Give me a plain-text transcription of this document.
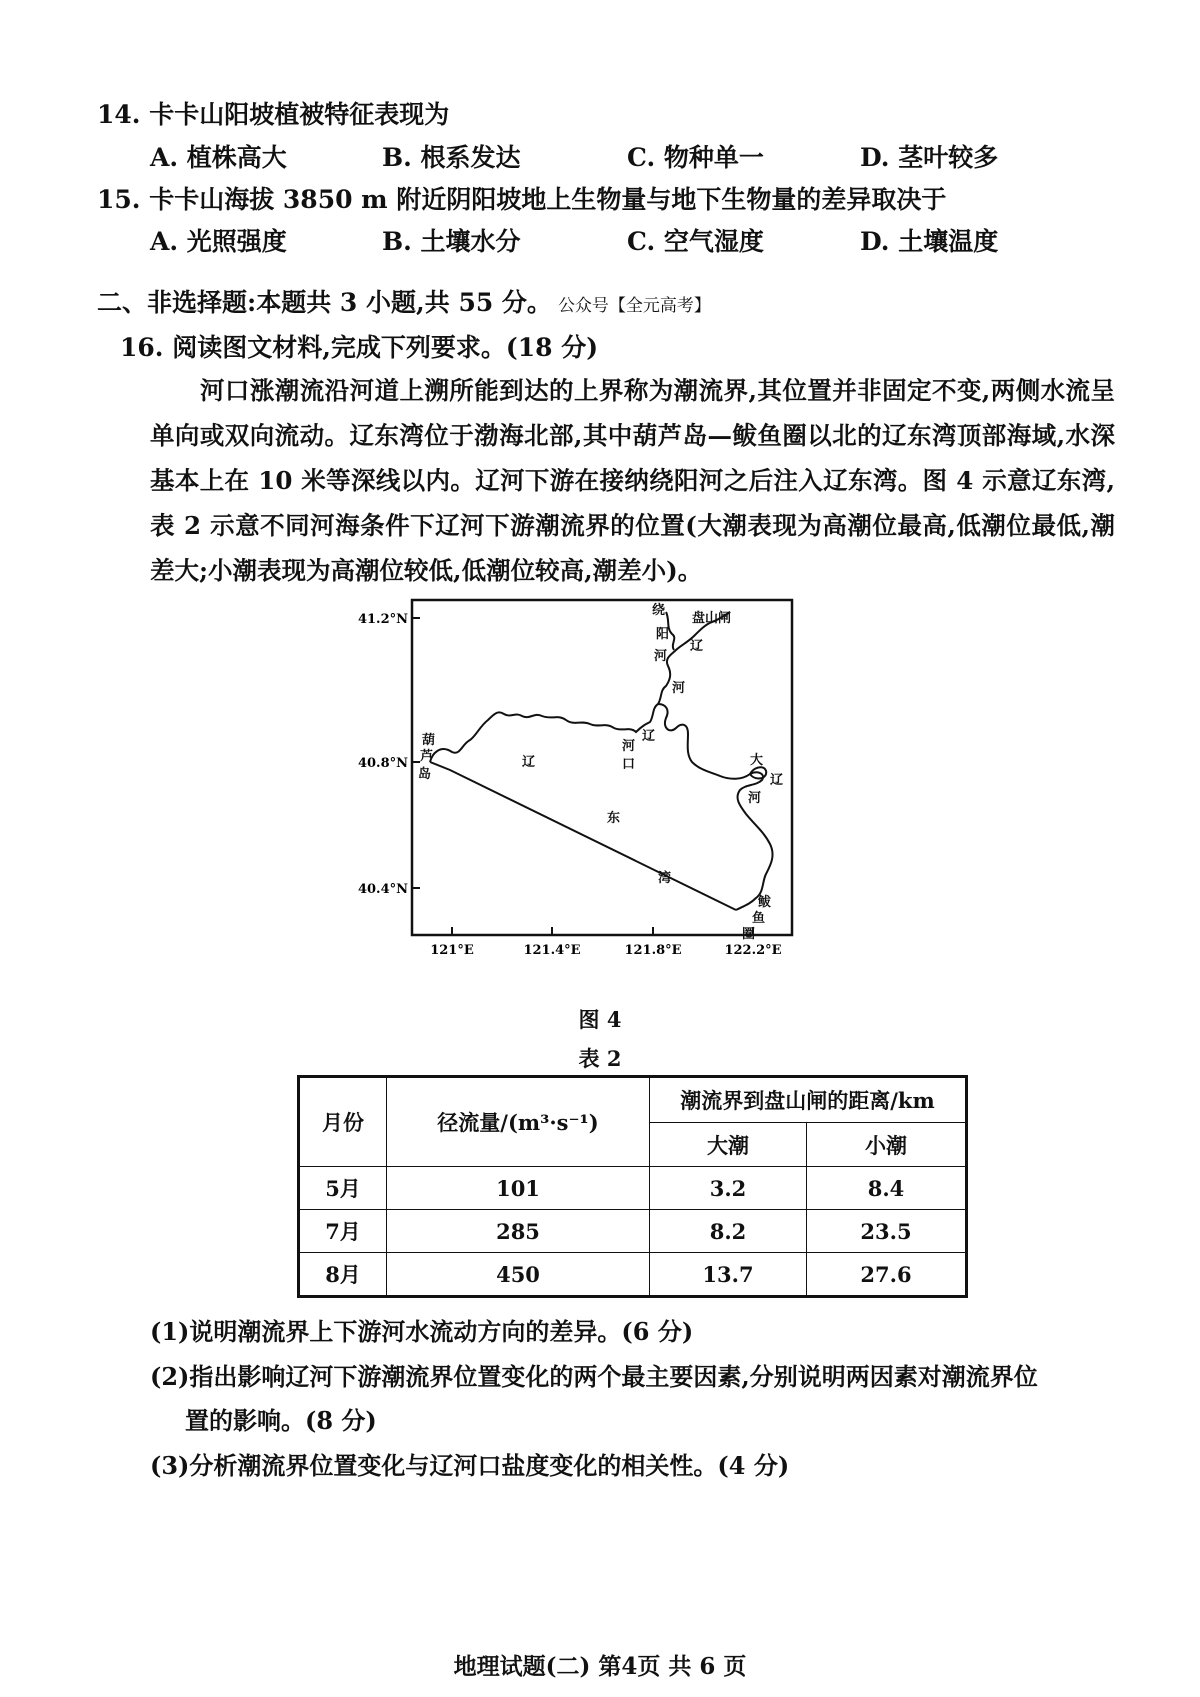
14. 卡卡山阳坡植被特征表现为
A. 植株高大	B. 根系发达	C. 物种单一	D. 茎叶较多
15. 卡卡山海拔 3850 m 附近阴阳坡地上生物量与地下生物量的差异取决于
A. 光照强度	B. 土壤水分	C. 空气湿度	D. 土壤温度
二、非选择题:本题共 3 小题,共 55 分。 公众号【全元高考】
16. 阅读图文材料,完成下列要求。(18 分)
河口涨潮流沿河道上溯所能到达的上界称为潮流界,其位置并非固定不变,两侧水流呈单向或双向流动。辽东湾位于渤海北部,其中葫芦岛—鲅鱼圈以北的辽东湾顶部海域,水深基本上在 10 米等深线以内。辽河下游在接纳绕阳河之后注入辽东湾。图 4 示意辽东湾,表 2 示意不同河海条件下辽河下游潮流界的位置(大潮表现为高潮位最高,低潮位最低,潮差大;小潮表现为高潮位较低,低潮位较高,潮差小)。
41.2°N
40.8°N
40.4°N
121°E	121.4°E	121.8°E	122.2°E
绕
阳
河
盘山闸
辽
河
辽
河
口
葫
芦
岛
辽
东
湾
大
辽
河
鲅
鱼
圈
图 4
表 2
月份	径流量/(m³·s⁻¹)	潮流界到盘山闸的距离/km	
		大潮	小潮
5月	101	3.2	8.4
7月	285	8.2	23.5
8月	450	13.7	27.6
(1)说明潮流界上下游河水流动方向的差异。(6 分)
(2)指出影响辽河下游潮流界位置变化的两个最主要因素,分别说明两因素对潮流界位
置的影响。(8 分)
(3)分析潮流界位置变化与辽河口盐度变化的相关性。(4 分)
地理试题(二) 第4页 共 6 页
